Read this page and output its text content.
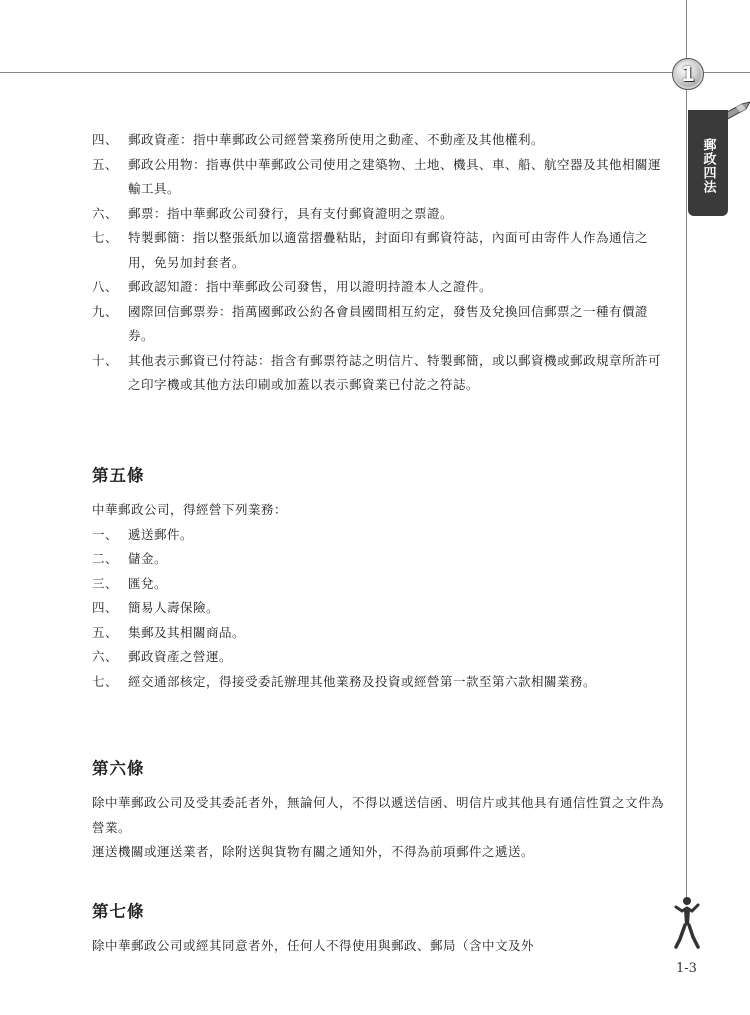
1
郵政四法
四、 郵政資產：指中華郵政公司經營業務所使用之動產、不動產及其他權利。
五、 郵政公用物：指專供中華郵政公司使用之建築物、土地、機具、車、船、航空器及其他相關運輸工具。
六、 郵票：指中華郵政公司發行，具有支付郵資證明之票證。
七、 特製郵簡：指以整張紙加以適當摺疊粘貼，封面印有郵資符誌，內面可由寄件人作為通信之用，免另加封套者。
八、 郵政認知證：指中華郵政公司發售，用以證明持證本人之證件。
九、 國際回信郵票券：指萬國郵政公約各會員國間相互約定，發售及兌換回信郵票之一種有價證券。
十、 其他表示郵資已付符誌：指含有郵票符誌之明信片、特製郵簡，或以郵資機或郵政規章所許可之印字機或其他方法印刷或加蓋以表示郵資業已付訖之符誌。
第五條
中華郵政公司，得經營下列業務：
一、 遞送郵件。
二、 儲金。
三、 匯兌。
四、 簡易人壽保險。
五、 集郵及其相關商品。
六、 郵政資產之營運。
七、 經交通部核定，得接受委託辦理其他業務及投資或經營第一款至第六款相關業務。
第六條
除中華郵政公司及受其委託者外，無論何人，不得以遞送信函、明信片或其他具有通信性質之文件為營業。
運送機關或運送業者，除附送與貨物有關之通知外，不得為前項郵件之遞送。
第七條
除中華郵政公司或經其同意者外，任何人不得使用與郵政、郵局（含中文及外
1-3
